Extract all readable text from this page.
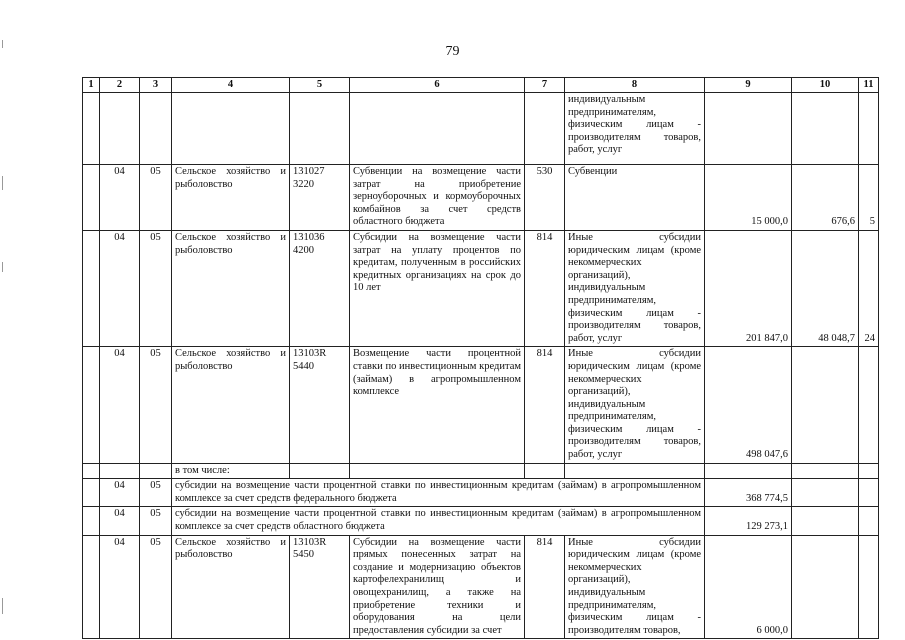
79
1	2	3	4	5	6	7	8	9	10	11
							индивидуальным предпринимателям, физическим лицам - производителям товаров, работ, услуг			
	04	05	Сельское хозяйство и рыболовство	131027 3220	Субвенции на возмещение части затрат на приобретение зерноуборочных и кормоуборочных комбайнов за счет средств областного бюджета	530	Субвенции	15 000,0	676,6	5
	04	05	Сельское хозяйство и рыболовство	131036 4200	Субсидии на возмещение части затрат на уплату процентов по кредитам, полученным в российских кредитных организациях на срок до 10 лет	814	Иные субсидии юридическим лицам (кроме некоммерческих организаций), индивидуальным предпринимателям, физическим лицам - производителям товаров, работ, услуг	201 847,0	48 048,7	24
	04	05	Сельское хозяйство и рыболовство	13103R 5440	Возмещение части процентной ставки по инвестиционным кредитам (займам) в агропромышленном комплексе	814	Иные субсидии юридическим лицам (кроме некоммерческих организаций), индивидуальным предпринимателям, физическим лицам - производителям товаров, работ, услуг	498 047,6		
			в том числе:							
	04	05	субсидии на возмещение части процентной ставки по инвестиционным кредитам (займам) в агропромышленном комплексе за счет средств федерального бюджета					368 774,5		
	04	05	субсидии на возмещение части процентной ставки по инвестиционным кредитам (займам) в агропромышленном комплексе за счет средств областного бюджета					129 273,1		
	04	05	Сельское хозяйство и рыболовство	13103R 5450	Субсидии на возмещение части прямых понесенных затрат на создание и модернизацию объектов картофелехранилищ и овощехранилищ, а также на приобретение техники и оборудования на цели предоставления субсидии за счет	814	Иные субсидии юридическим лицам (кроме некоммерческих организаций), индивидуальным предпринимателям, физическим лицам - производителям товаров,	6 000,0		
